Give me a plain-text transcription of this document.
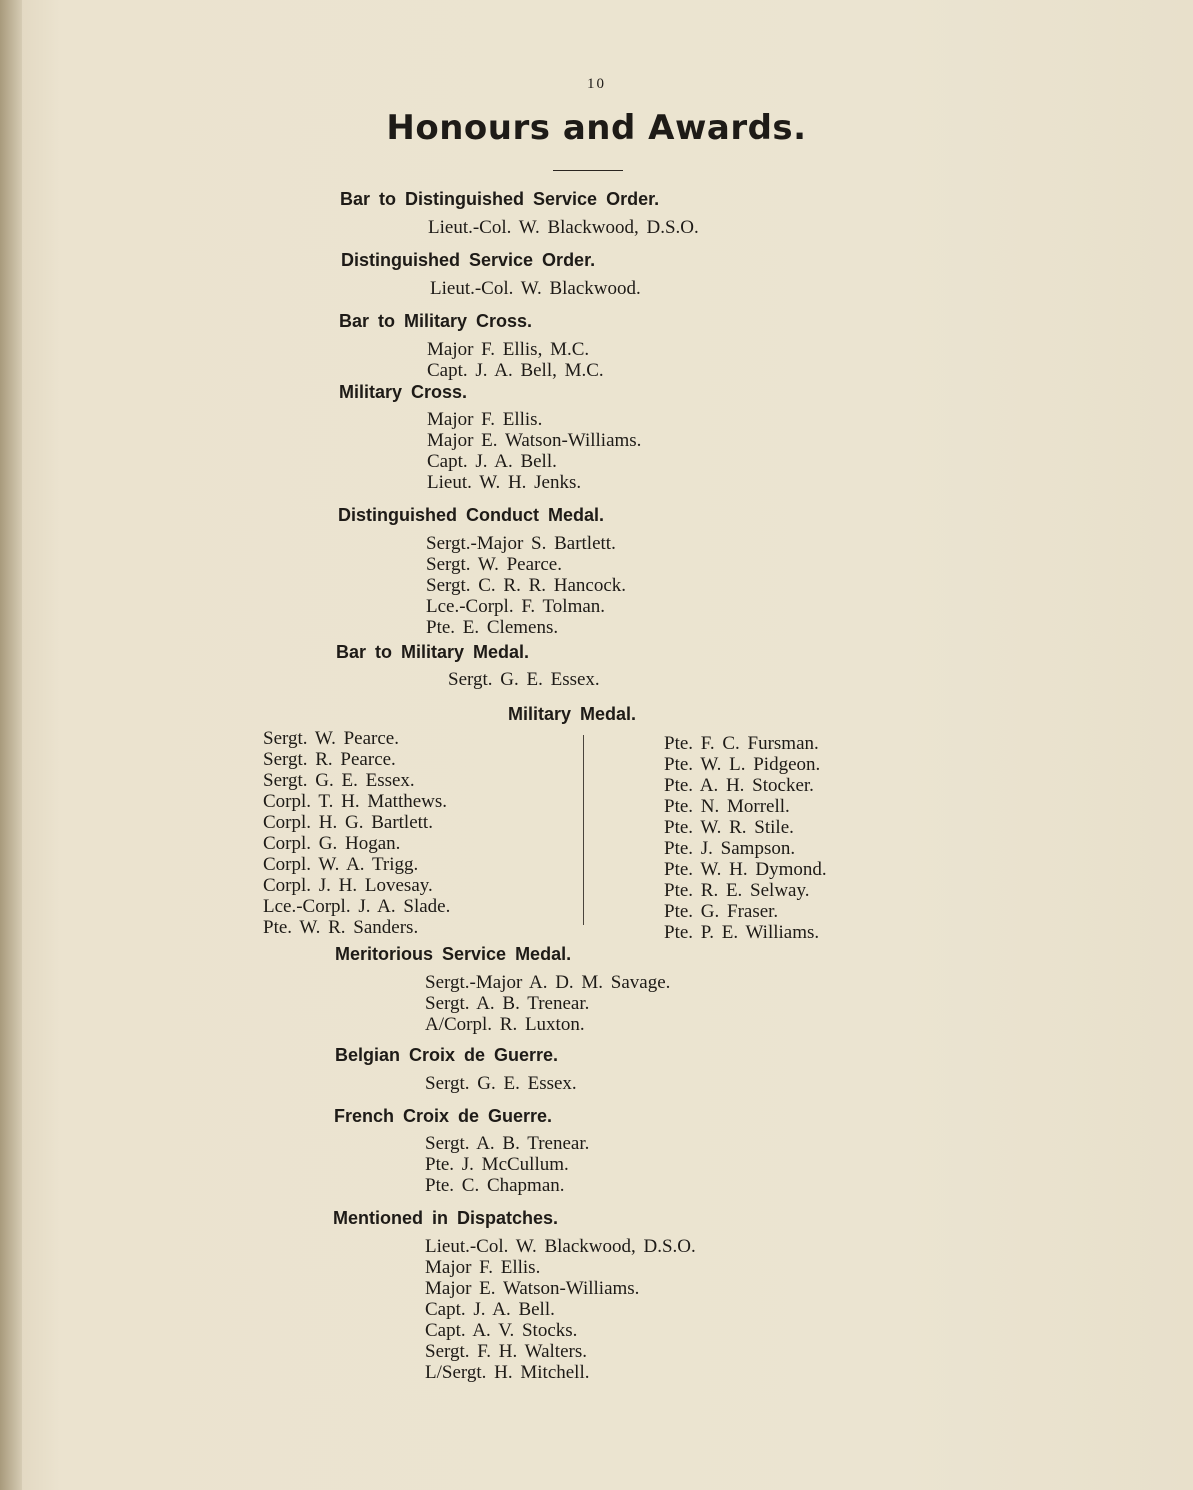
10
Honours and Awards.
Bar to Distinguished Service Order.
Lieut.-Col. W. Blackwood, D.S.O.
Distinguished Service Order.
Lieut.-Col. W. Blackwood.
Bar to Military Cross.
Major F. Ellis, M.C.
Capt. J. A. Bell, M.C.
Military Cross.
Major F. Ellis.
Major E. Watson-Williams.
Capt. J. A. Bell.
Lieut. W. H. Jenks.
Distinguished Conduct Medal.
Sergt.-Major S. Bartlett.
Sergt. W. Pearce.
Sergt. C. R. R. Hancock.
Lce.-Corpl. F. Tolman.
Pte. E. Clemens.
Bar to Military Medal.
Sergt. G. E. Essex.
Military Medal.
Sergt. W. Pearce.
Sergt. R. Pearce.
Sergt. G. E. Essex.
Corpl. T. H. Matthews.
Corpl. H. G. Bartlett.
Corpl. G. Hogan.
Corpl. W. A. Trigg.
Corpl. J. H. Lovesay.
Lce.-Corpl. J. A. Slade.
Pte. W. R. Sanders.
Pte. F. C. Fursman.
Pte. W. L. Pidgeon.
Pte. A. H. Stocker.
Pte. N. Morrell.
Pte. W. R. Stile.
Pte. J. Sampson.
Pte. W. H. Dymond.
Pte. R. E. Selway.
Pte. G. Fraser.
Pte. P. E. Williams.
Meritorious Service Medal.
Sergt.-Major A. D. M. Savage.
Sergt. A. B. Trenear.
A/Corpl. R. Luxton.
Belgian Croix de Guerre.
Sergt. G. E. Essex.
French Croix de Guerre.
Sergt. A. B. Trenear.
Pte. J. McCullum.
Pte. C. Chapman.
Mentioned in Dispatches.
Lieut.-Col. W. Blackwood, D.S.O.
Major F. Ellis.
Major E. Watson-Williams.
Capt. J. A. Bell.
Capt. A. V. Stocks.
Sergt. F. H. Walters.
L/Sergt. H. Mitchell.
